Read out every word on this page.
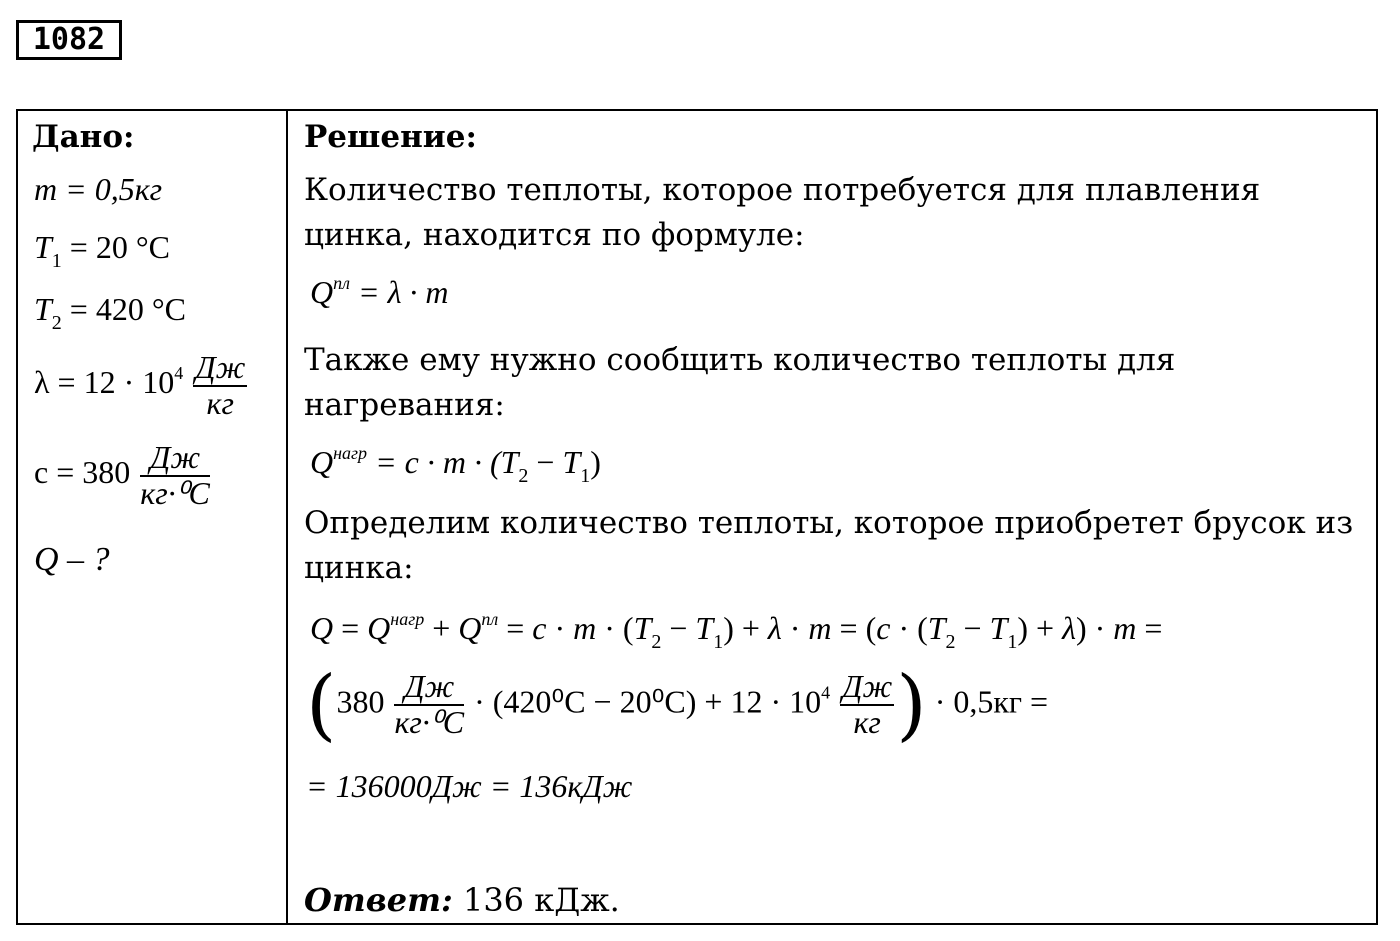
1082
Дано:
m = 0,5кг
$T_1 = 20$ °C
$T_2 = 420$ °C
$\lambda = 12 \cdot 10^4 \frac{Дж}{кг}$
$c = 380 \frac{Дж}{\text{кг·⁰C}}$
Q – ?
Решение:
Количество теплоты, которое потребуется для плавления
цинка, находится по формуле:
$Q^{пл} = \lambda \cdot m$
Также ему нужно сообщить количество теплоты для
нагревания:
$Q^{нагр} = c \cdot m \cdot (T_2 - T_1)$
Определим количество теплоты, которое приобретет брусок из
цинка:
$Q = Q^{нагр} + Q^{пл} = c \cdot m \cdot (T_2 - T_1) + \lambda \cdot m = (c \cdot (T_2 - T_1) + \lambda) \cdot m$ =
($380 \frac{Дж}{\text{кг·⁰C}} \cdot (420^0C - 20^0C) + 12 \cdot 10^4 \frac{Дж}{кг}$ ) · 0,5кг =
= 136000Дж = 136кДж
Ответ: 136 кДж.
